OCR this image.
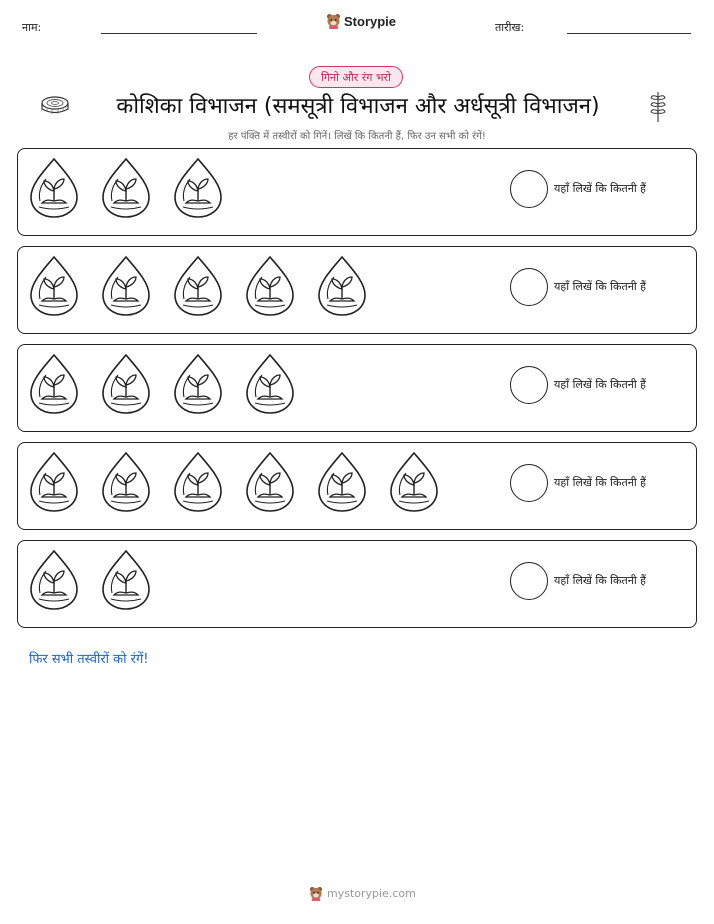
नाम:	Storypie	तारीख:
गिनो और रंग भरो
कोशिका विभाजन (समसूत्री विभाजन और अर्धसूत्री विभाजन)
हर पंक्ति में तस्वीरों को गिनें। लिखें कि कितनी हैं, फिर उन सभी को रंगें!
यहाँ लिखें कि कितनी हैं
यहाँ लिखें कि कितनी हैं
यहाँ लिखें कि कितनी हैं
यहाँ लिखें कि कितनी हैं
यहाँ लिखें कि कितनी हैं
फिर सभी तस्वीरों को रंगें!
mystorypie.com
